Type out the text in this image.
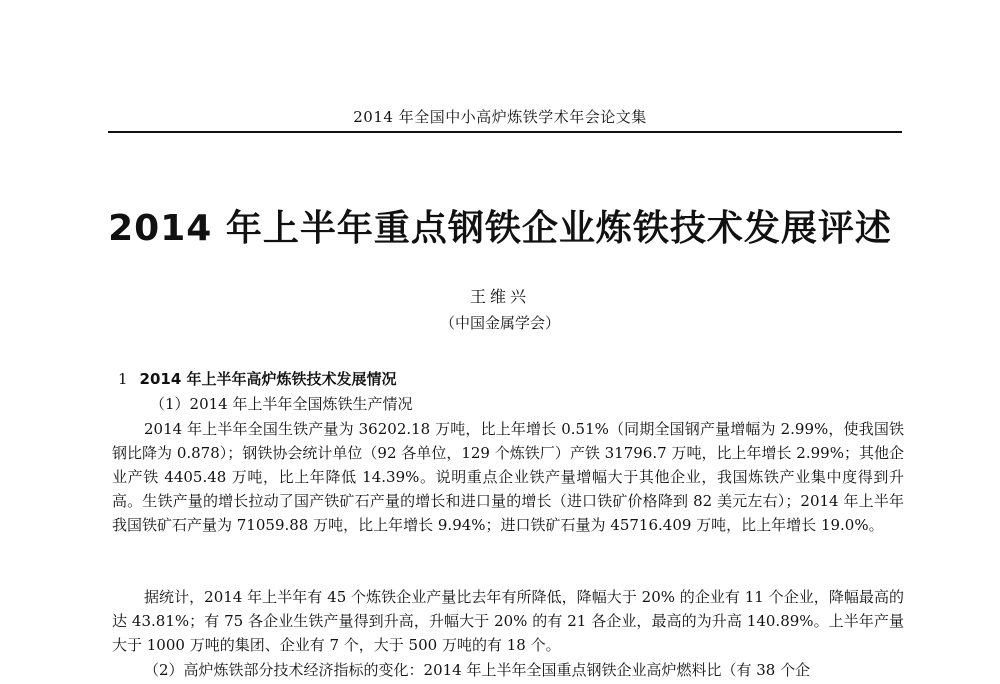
2014 年全国中小高炉炼铁学术年会论文集
2014 年上半年重点钢铁企业炼铁技术发展评述
王维兴
（中国金属学会）
1 2014 年上半年高炉炼铁技术发展情况
（1）2014 年上半年全国炼铁生产情况

2014 年上半年全国生铁产量为 36202.18 万吨，比上年增长 0.51%（同期全国钢产量增幅为 2.99%，使我国铁钢比降为 0.878）；钢铁协会统计单位（92 各单位，129 个炼铁厂）产铁 31796.7 万吨，比上年增长 2.99%；其他企业产铁 4405.48 万吨，比上年降低 14.39%。说明重点企业铁产量增幅大于其他企业，我国炼铁产业集中度得到升高。生铁产量的增长拉动了国产铁矿石产量的增长和进口量的增长（进口铁矿价格降到 82 美元左右）；2014 年上半年我国铁矿石产量为 71059.88 万吨，比上年增长 9.94%；进口铁矿石量为 45716.409 万吨，比上年增长 19.0%。

据统计，2014 年上半年有 45 个炼铁企业产量比去年有所降低，降幅大于 20% 的企业有 11 个企业，降幅最高的达 43.81%；有 75 各企业生铁产量得到升高，升幅大于 20% 的有 21 各企业，最高的为升高 140.89%。上半年产量大于 1000 万吨的集团、企业有 7 个，大于 500 万吨的有 18 个。

（2）高炉炼铁部分技术经济指标的变化：2014 年上半年全国重点钢铁企业高炉燃料比（有 38 个企
